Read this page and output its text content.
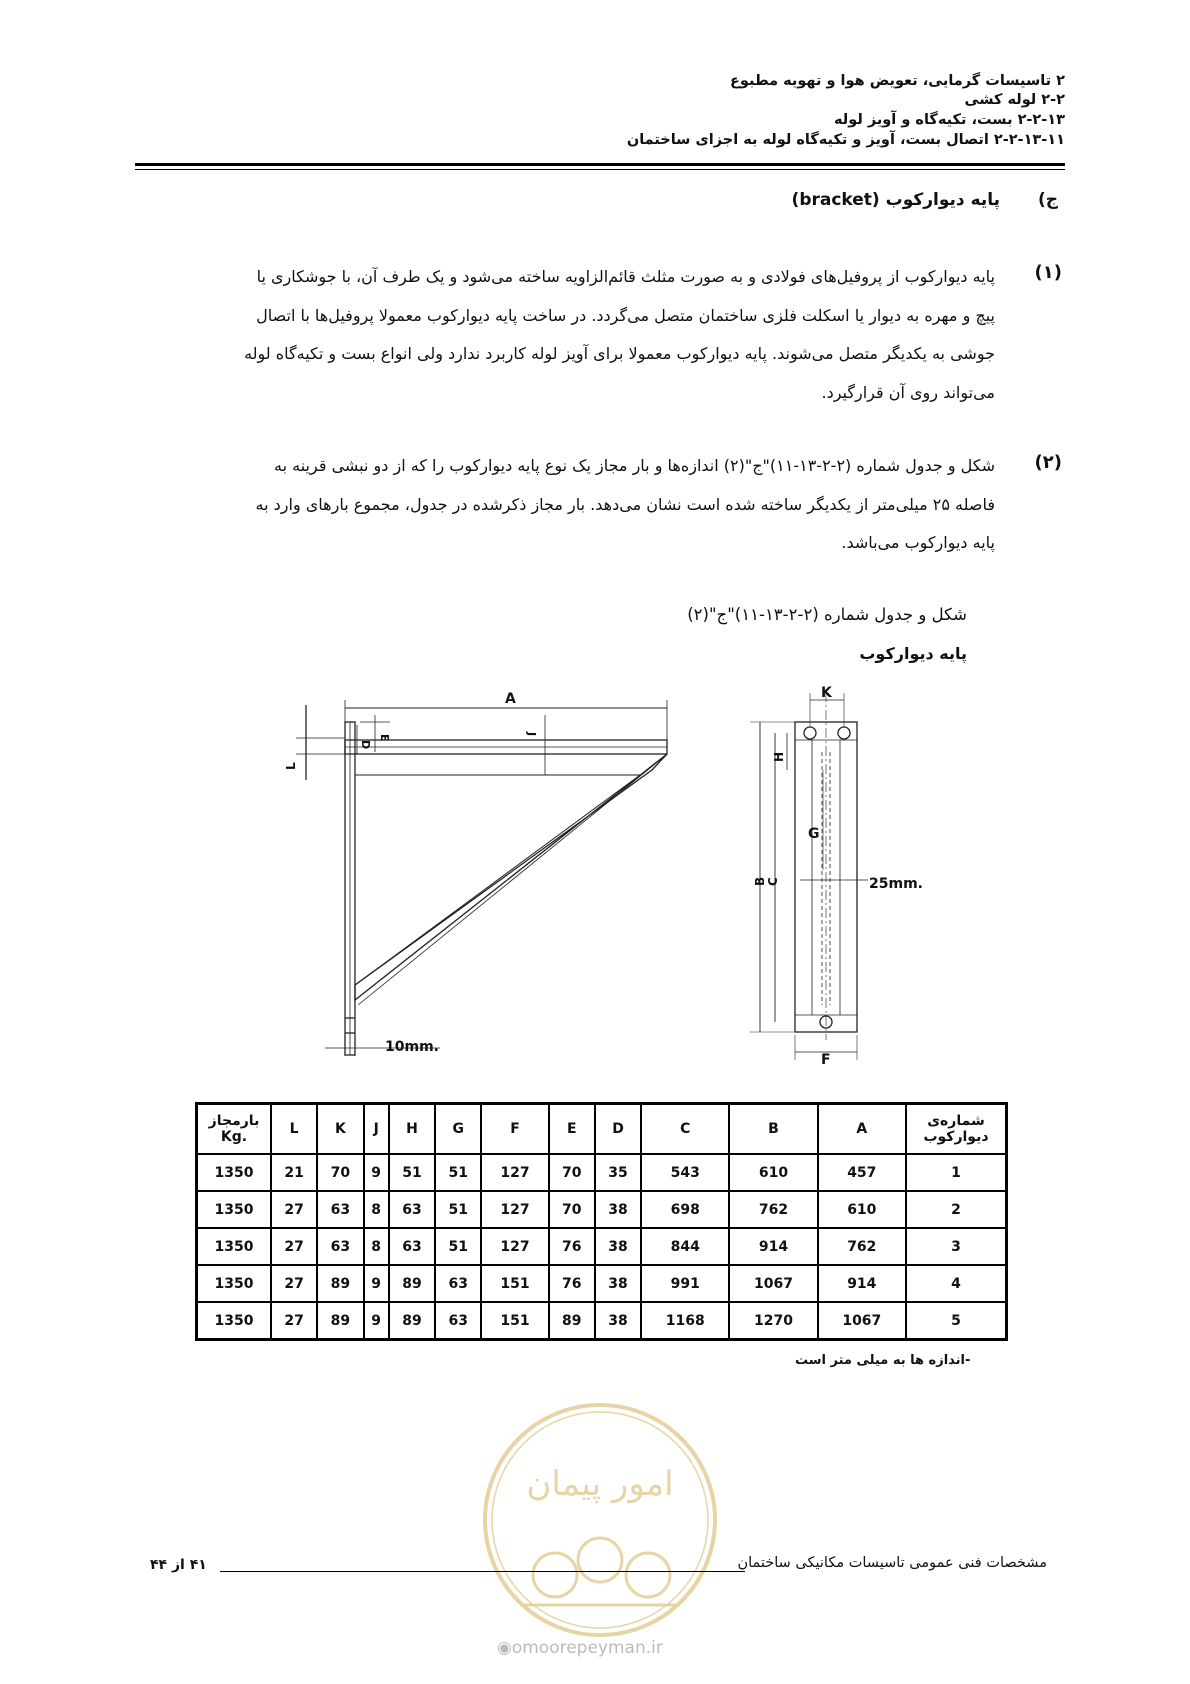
۲ تاسیسات گرمایی، تعویض هوا و تهویه مطبوع
۲-۲ لوله کشی
۲-۲-۱۳ بست، تکیه‌گاه و آویز لوله
۲-۲-۱۳-۱۱ اتصال بست، آویز و تکیه‌گاه لوله به اجزای ساختمان
ج)پایه دیوارکوب (bracket)
(۱)
پایه دیوارکوب از پروفیل‌های فولادی و به صورت مثلث قائم‌الزاویه ساخته می‌شود و یک طرف آن، با جوشکاری یا
پیچ و مهره به دیوار یا اسکلت فلزی ساختمان متصل می‌گردد. در ساخت پایه دیوارکوب معمولا پروفیل‌ها با اتصال
جوشی به یکدیگر متصل می‌شوند. پایه دیوارکوب معمولا برای آویز لوله کاربرد ندارد ولی انواع بست و تکیه‌گاه لوله
می‌تواند روی آن قرارگیرد.
(۲)
شکل و جدول شماره (۲-۲-۱۳-۱۱)"ج"(۲) اندازه‌ها و بار مجاز یک نوع پایه دیوارکوب را که از دو نبشی قرینه به
فاصله ۲۵ میلی‌متر از یکدیگر ساخته شده است نشان می‌دهد. بار مجاز ذکرشده در جدول، مجموع بارهای وارد به
پایه دیوارکوب می‌باشد.
شکل و جدول شماره (۲-۲-۱۳-۱۱)"ج"(۲)
پایه دیوارکوب
A
D
E	J
L
10mm.
K
H
G
B C	25mm.
F
بارمجاز Kg.	L	K	J	H	G	F	E	D	C	B	A	شماره‌ی دیوارکوب
1350	21	70	9	51	51	127	70	35	543	610	457	1
1350	27	63	8	63	51	127	70	38	698	762	610	2
1350	27	63	8	63	51	127	76	38	844	914	762	3
1350	27	89	9	89	63	151	76	38	991	1067	914	4
1350	27	89	9	89	63	151	89	38	1168	1270	1067	5
-اندازه ها به میلی متر است
امور پیمان
۴۱ از ۴۴	مشخصات فنی عمومی تاسیسات مکانیکی ساختمان
◉omoorepeyman.ir
